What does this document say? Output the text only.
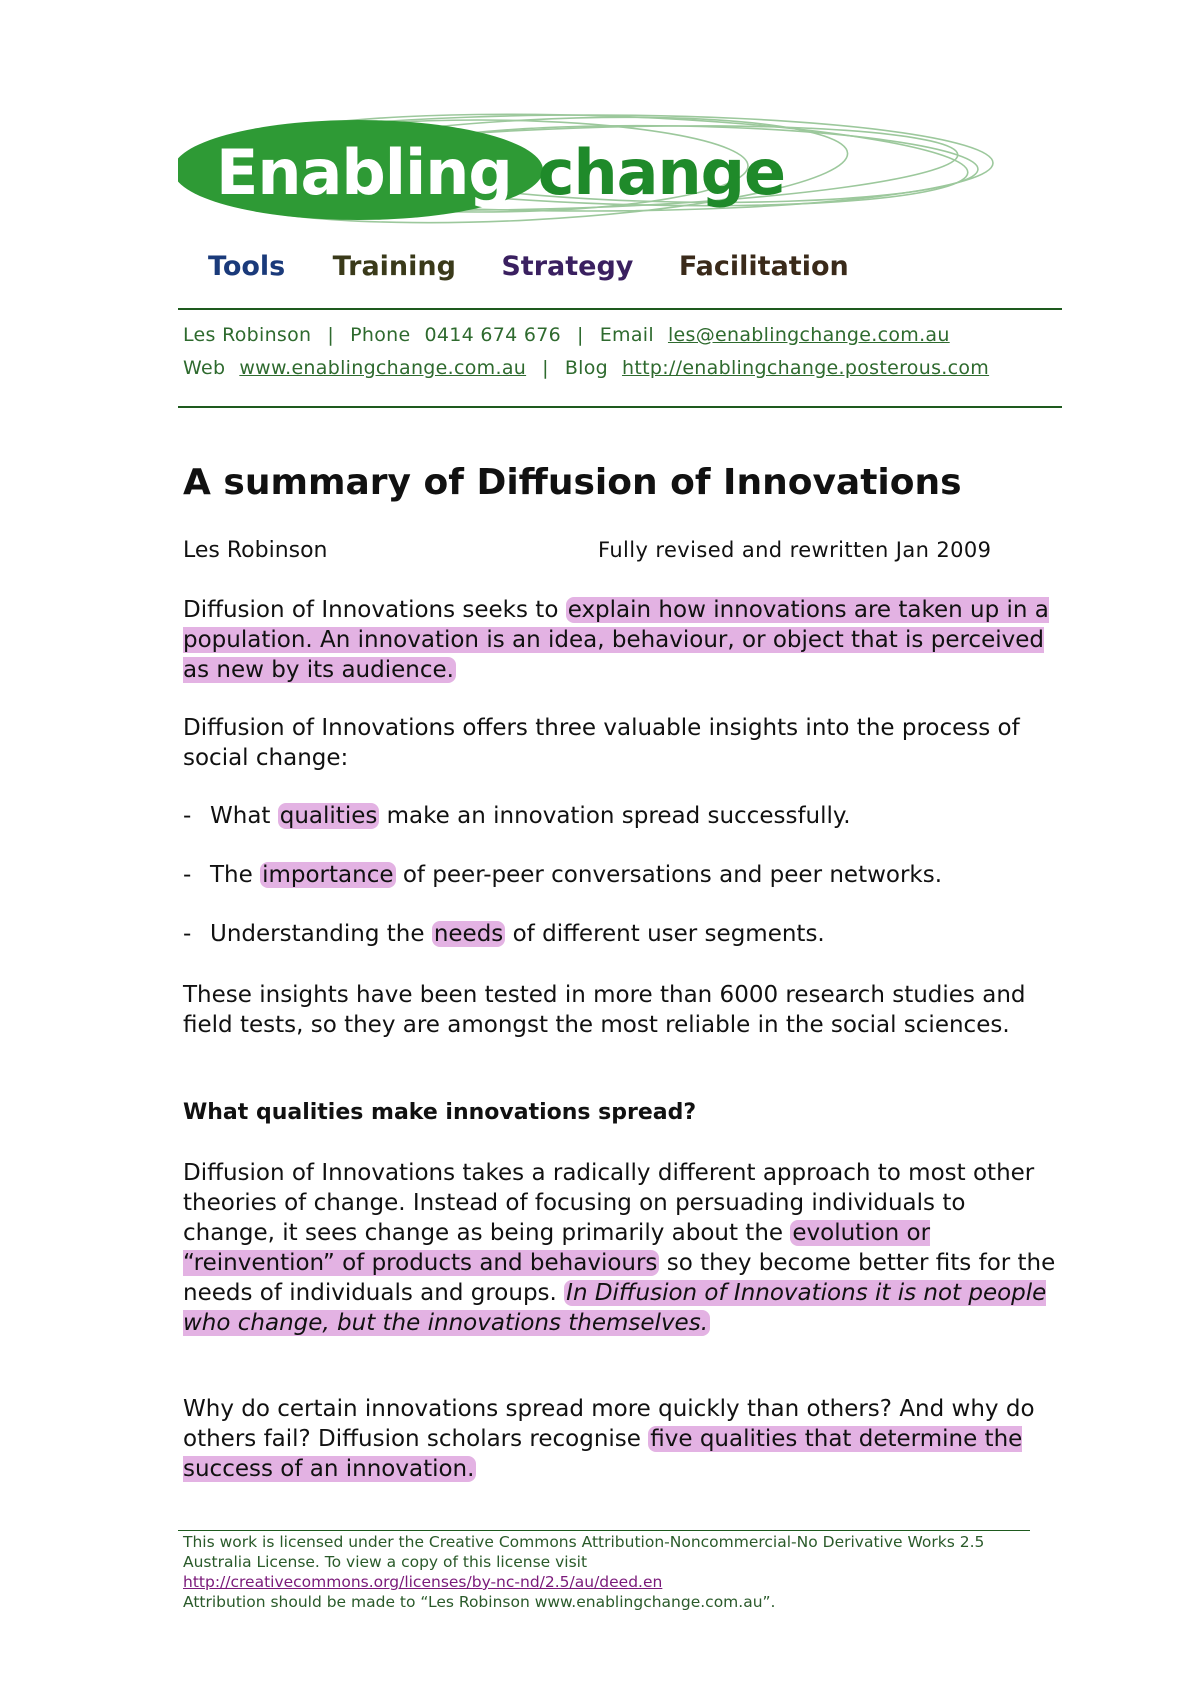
Enabling change
Tools Training Strategy Facilitation
Les Robinson | Phone 0414 674 676 | Email les@enablingchange.com.au
Web www.enablingchange.com.au | Blog http://enablingchange.posterous.com
A summary of Diffusion of Innovations
Les Robinson	Fully revised and rewritten Jan 2009
Diffusion of Innovations seeks to explain how innovations are taken up in a population. An innovation is an idea, behaviour, or object that is perceived as new by its audience.
Diffusion of Innovations offers three valuable insights into the process of social change:
- What qualities make an innovation spread successfully.
- The importance of peer-peer conversations and peer networks.
- Understanding the needs of different user segments.
These insights have been tested in more than 6000 research studies and field tests, so they are amongst the most reliable in the social sciences.
What qualities make innovations spread?
Diffusion of Innovations takes a radically different approach to most other theories of change. Instead of focusing on persuading individuals to change, it sees change as being primarily about the evolution or “reinvention” of products and behaviours so they become better fits for the needs of individuals and groups. In Diffusion of Innovations it is not people who change, but the innovations themselves.
Why do certain innovations spread more quickly than others? And why do others fail? Diffusion scholars recognise five qualities that determine the success of an innovation.
This work is licensed under the Creative Commons Attribution-Noncommercial-No Derivative Works 2.5 Australia License. To view a copy of this license visit
http://creativecommons.org/licenses/by-nc-nd/2.5/au/deed.en
Attribution should be made to “Les Robinson www.enablingchange.com.au”.
